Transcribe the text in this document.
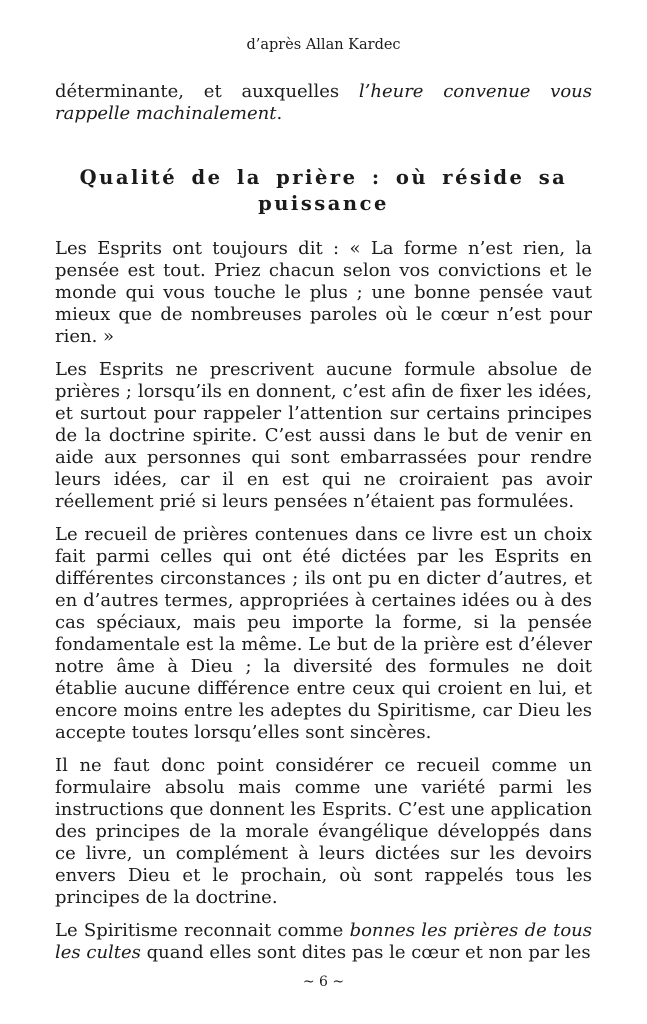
d’après Allan Kardec

déterminante, et auxquelles l’heure convenue vous rappelle machinalement.

Qualité de la prière : où réside sa puissance

Les Esprits ont toujours dit : « La forme n’est rien, la pensée est tout. Priez chacun selon vos convictions et le monde qui vous touche le plus ; une bonne pensée vaut mieux que de nombreuses paroles où le cœur n’est pour rien. »

Les Esprits ne prescrivent aucune formule absolue de prières ; lorsqu’ils en donnent, c’est afin de fixer les idées, et surtout pour rappeler l’attention sur certains principes de la doctrine spirite. C’est aussi dans le but de venir en aide aux personnes qui sont embarrassées pour rendre leurs idées, car il en est qui ne croiraient pas avoir réellement prié si leurs pensées n’étaient pas formulées.

Le recueil de prières contenues dans ce livre est un choix fait parmi celles qui ont été dictées par les Esprits en différentes circonstances ; ils ont pu en dicter d’autres, et en d’autres termes, appropriées à certaines idées ou à des cas spéciaux, mais peu importe la forme, si la pensée fondamentale est la même. Le but de la prière est d’élever notre âme à Dieu ; la diversité des formules ne doit établie aucune différence entre ceux qui croient en lui, et encore moins entre les adeptes du Spiritisme, car Dieu les accepte toutes lorsqu’elles sont sincères.

Il ne faut donc point considérer ce recueil comme un formulaire absolu mais comme une variété parmi les instructions que donnent les Esprits. C’est une application des principes de la morale évangélique développés dans ce livre, un complément à leurs dictées sur les devoirs envers Dieu et le prochain, où sont rappelés tous les principes de la doctrine.

Le Spiritisme reconnait comme bonnes les prières de tous les cultes quand elles sont dites pas le cœur et non par les

~ 6 ~
